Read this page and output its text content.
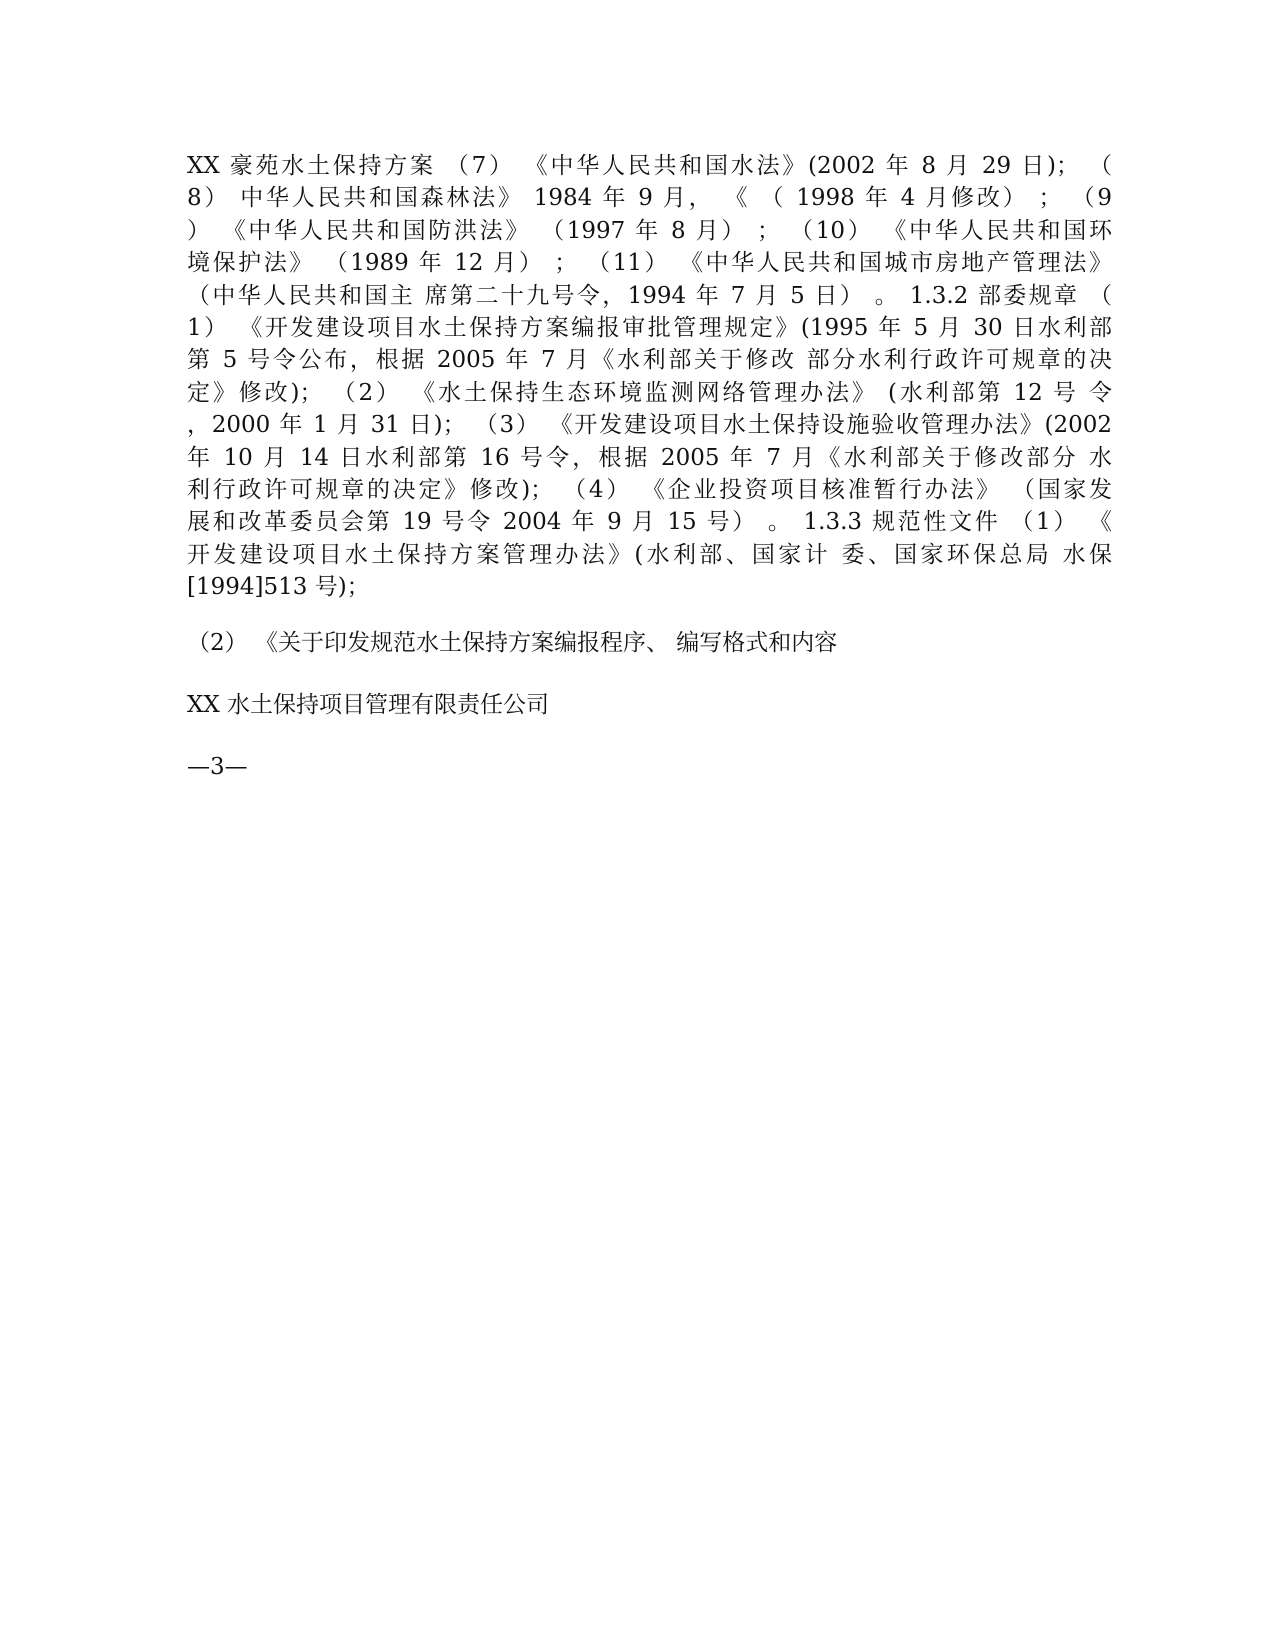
XX 豪苑水土保持方案 （7） 《中华人民共和国水法》(2002 年 8 月 29 日)； （
8） 中华人民共和国森林法》 1984 年 9 月， 《 （ 1998 年 4 月修改） ； （9
） 《中华人民共和国防洪法》 （1997 年 8 月） ； （10） 《中华人民共和国环
境保护法》 （1989 年 12 月） ； （11） 《中华人民共和国城市房地产管理法》
（中华人民共和国主 席第二十九号令，1994 年 7 月 5 日） 。 1.3.2 部委规章 （
1） 《开发建设项目水土保持方案编报审批管理规定》(1995 年 5 月 30 日水利部
第 5 号令公布，根据 2005 年 7 月《水利部关于修改 部分水利行政许可规章的决
定》修改)； （2） 《水土保持生态环境监测网络管理办法》 (水利部第 12 号 令
，2000 年 1 月 31 日)； （3） 《开发建设项目水土保持设施验收管理办法》(2002
年 10 月 14 日水利部第 16 号令，根据 2005 年 7 月《水利部关于修改部分 水
利行政许可规章的决定》修改)； （4） 《企业投资项目核准暂行办法》 （国家发
展和改革委员会第 19 号令 2004 年 9 月 15 号） 。 1.3.3 规范性文件 （1） 《
开发建设项目水土保持方案管理办法》(水利部、国家计 委、国家环保总局 水保
[1994]513 号)；

（2） 《关于印发规范水土保持方案编报程序、 编写格式和内容

XX 水土保持项目管理有限责任公司

—3—
